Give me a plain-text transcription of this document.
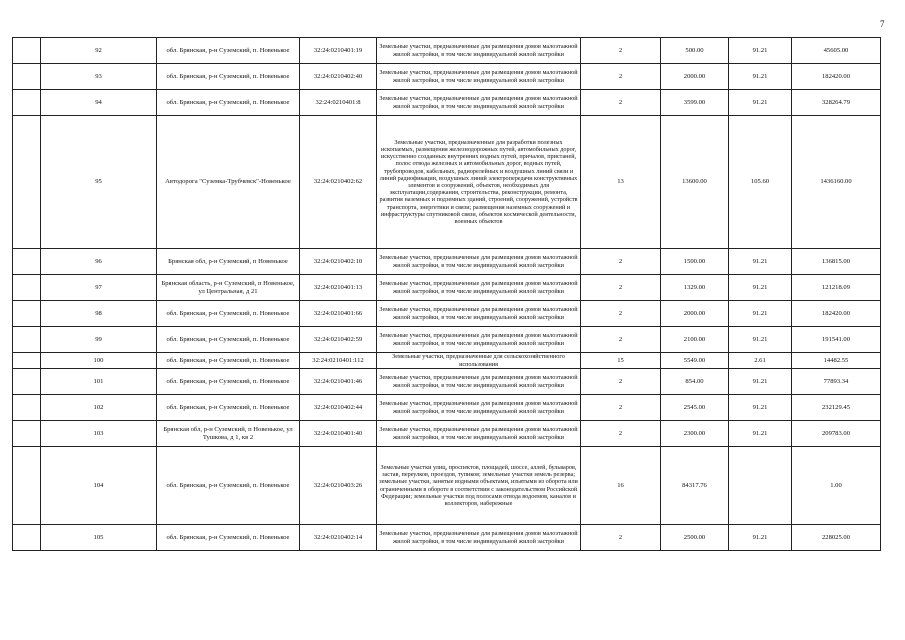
7
	92	обл. Брянская, р-н Суземский, п. Новенькое	32:24:0210401:19	Земельные участки, предназначенные для размещения домов малоэтажной жилой застройки, в том числе индивидуальной жилой застройки	2	500.00	91.21	45605.00
	93	обл. Брянская, р-н Суземский, п. Новенькое	32:24:0210402:40	Земельные участки, предназначенные для размещения домов малоэтажной жилой застройки, в том числе индивидуальной жилой застройки	2	2000.00	91.21	182420.00
	94	обл. Брянская, р-н Суземский, п. Новенькое	32:24:0210401:8	Земельные участки, предназначенные для размещения домов малоэтажной жилой застройки, в том числе индивидуальной жилой застройки	2	3599.00	91.21	328264.79
	95	Автодорога "Суземка-Трубчевск"-Новенькое	32:24:0210402:62	Земельные участки, предназначенные для разработки полезных ископаемых, размещения железнодорожных путей, автомобильных дорог, искусственно созданных внутренних водных путей, причалов, пристаней, полос отвода железных и автомобильных дорог, водных путей, трубопроводов, кабельных, радиорелейных и воздушных линий связи и линий радиофикации, воздушных линий электропередачи конструктивных элементов и сооружений, объектов, необходимых для эксплуатации,содержания, строительства, реконструкции, ремонта, развития наземных и подземных зданий, строений, сооружений, устройств транспорта, энергетики и связи; размещения наземных сооружений и инфраструктуры спутниковой связи, объектов космической деятельности, военных объектов	13	13600.00	105.60	1436160.00
	96	Брянская обл, р-н Суземский, п Новенькое	32:24:0210402:10	Земельные участки, предназначенные для размещения домов малоэтажной жилой застройки, в том числе индивидуальной жилой застройки	2	1500.00	91.21	136815.00
	97	Брянская область, р-н Суземский, п Новенькое, ул Центральная, д 21	32:24:0210401:13	Земельные участки, предназначенные для размещения домов малоэтажной жилой застройки, в том числе индивидуальной жилой застройки	2	1329.00	91.21	121218.09
	98	обл. Брянская, р-н Суземский, п. Новенькое	32:24:0210401:66	Земельные участки, предназначенные для размещения домов малоэтажной жилой застройки, в том числе индивидуальной жилой застройки	2	2000.00	91.21	182420.00
	99	обл. Брянская, р-н Суземский, п. Новенькое	32:24:0210402:59	Земельные участки, предназначенные для размещения домов малоэтажной жилой застройки, в том числе индивидуальной жилой застройки	2	2100.00	91.21	191541.00
	100	обл. Брянская, р-н Суземский, п. Новенькое	32:24:0210401:112	Земельные участки, предназначенные для сельскохозяйственного использования	15	5549.00	2.61	14482.55
	101	обл. Брянская, р-н Суземский, п. Новенькое	32:24:0210401:46	Земельные участки, предназначенные для размещения домов малоэтажной жилой застройки, в том числе индивидуальной жилой застройки	2	854.00	91.21	77893.34
	102	обл. Брянская, р-н Суземский, п. Новенькое	32:24:0210402:44	Земельные участки, предназначенные для размещения домов малоэтажной жилой застройки, в том числе индивидуальной жилой застройки	2	2545.00	91.21	232129.45
	103	Брянская обл, р-н Суземский, п Новенькое, ул Тушкова, д 1, кв 2	32:24:0210401:40	Земельные участки, предназначенные для размещения домов малоэтажной жилой застройки, в том числе индивидуальной жилой застройки	2	2300.00	91.21	209783.00
	104	обл. Брянская, р-н Суземский, п. Новенькое	32:24:0210403:26	Земельные участки улиц, проспектов, площадей, шоссе, аллей, бульваров, застав, переулков, проездов, тупиков; земельные участки земель резерва; земельные участки, занятые водными объектами, изъятыми из оборота или ограниченными в обороте в соответствии с законодательством Российской Федерации; земельные участки под полосами отвода водоемов, каналов и коллекторов, набережные	16	84317.76		1.00
	105	обл. Брянская, р-н Суземский, п. Новенькое	32:24:0210402:14	Земельные участки, предназначенные для размещения домов малоэтажной жилой застройки, в том числе индивидуальной жилой застройки	2	2500.00	91.21	228025.00
